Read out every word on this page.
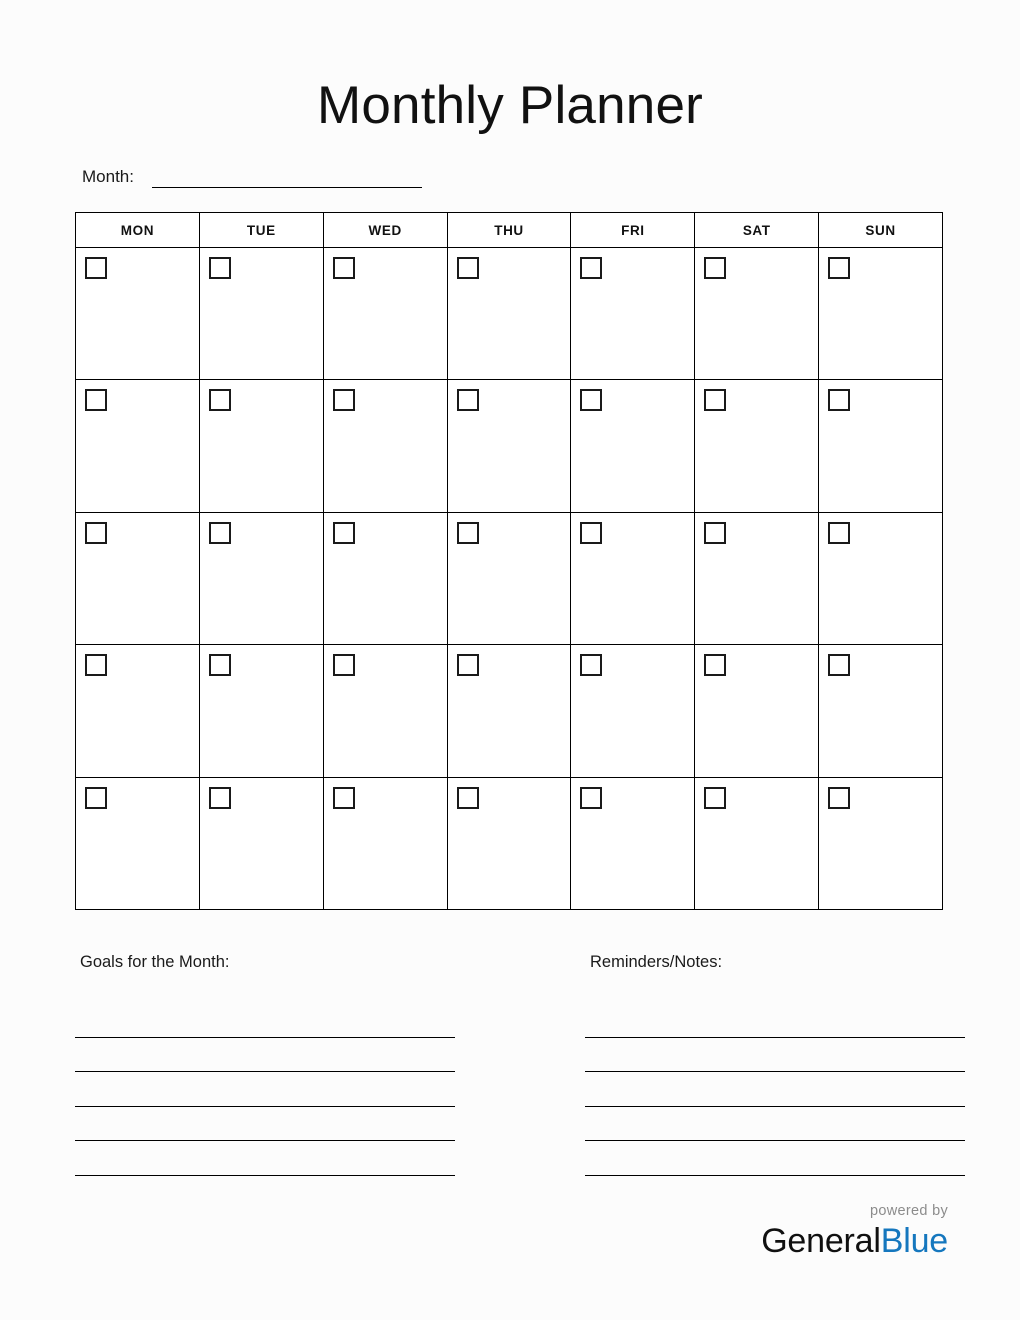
Monthly Planner
Month:
MON	TUE	WED	THU	FRI	SAT	SUN
Goals for the Month:	Reminders/Notes:
powered by
GeneralBlue
